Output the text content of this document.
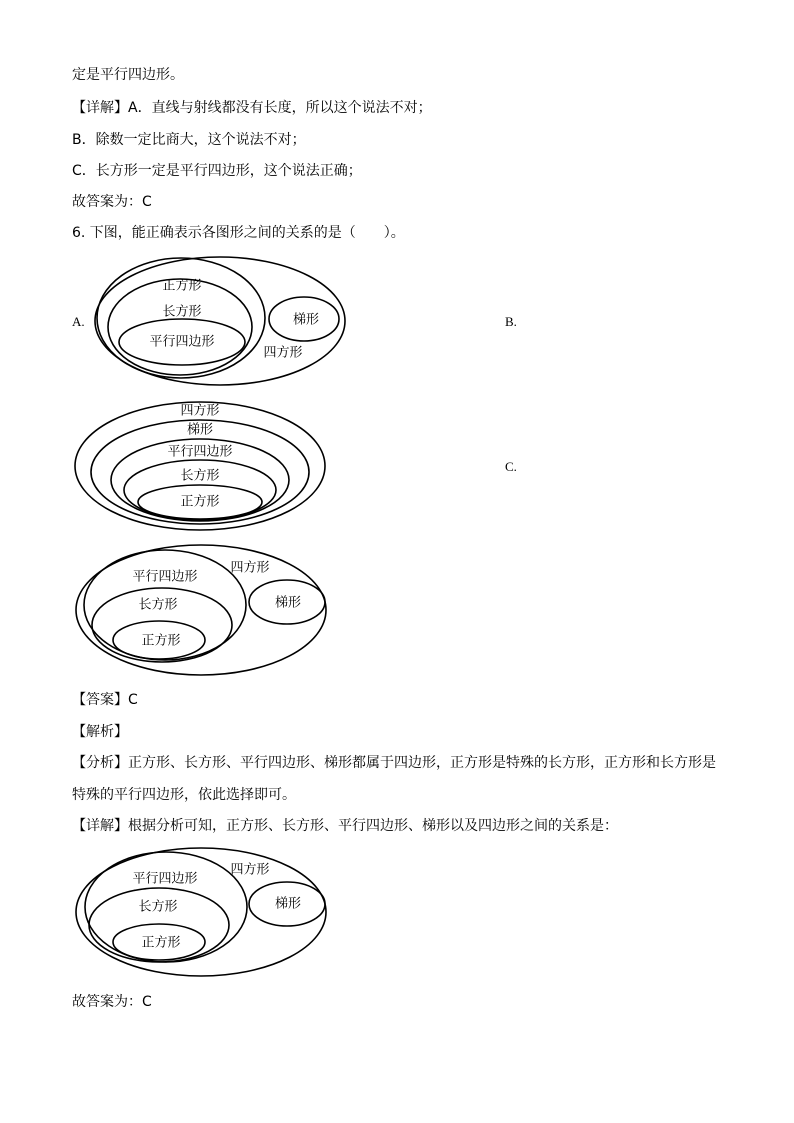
定是平行四边形。

【详解】A．直线与射线都没有长度，所以这个说法不对；

B．除数一定比商大，这个说法不对；

C．长方形一定是平行四边形，这个说法正确；

故答案为：C

6. 下图，能正确表示各图形之间的关系的是（　　）。

A.	B.
C.
正方形
长方形
平行四边形
梯形
四方形
四方形
梯形
平行四边形
长方形
正方形
四方形
平行四边形
长方形
正方形
梯形

【答案】C

【解析】

【分析】正方形、长方形、平行四边形、梯形都属于四边形，正方形是特殊的长方形，正方形和长方形是

特殊的平行四边形，依此选择即可。

【详解】根据分析可知，正方形、长方形、平行四边形、梯形以及四边形之间的关系是：

四方形
平行四边形
长方形
正方形
梯形

故答案为：C
